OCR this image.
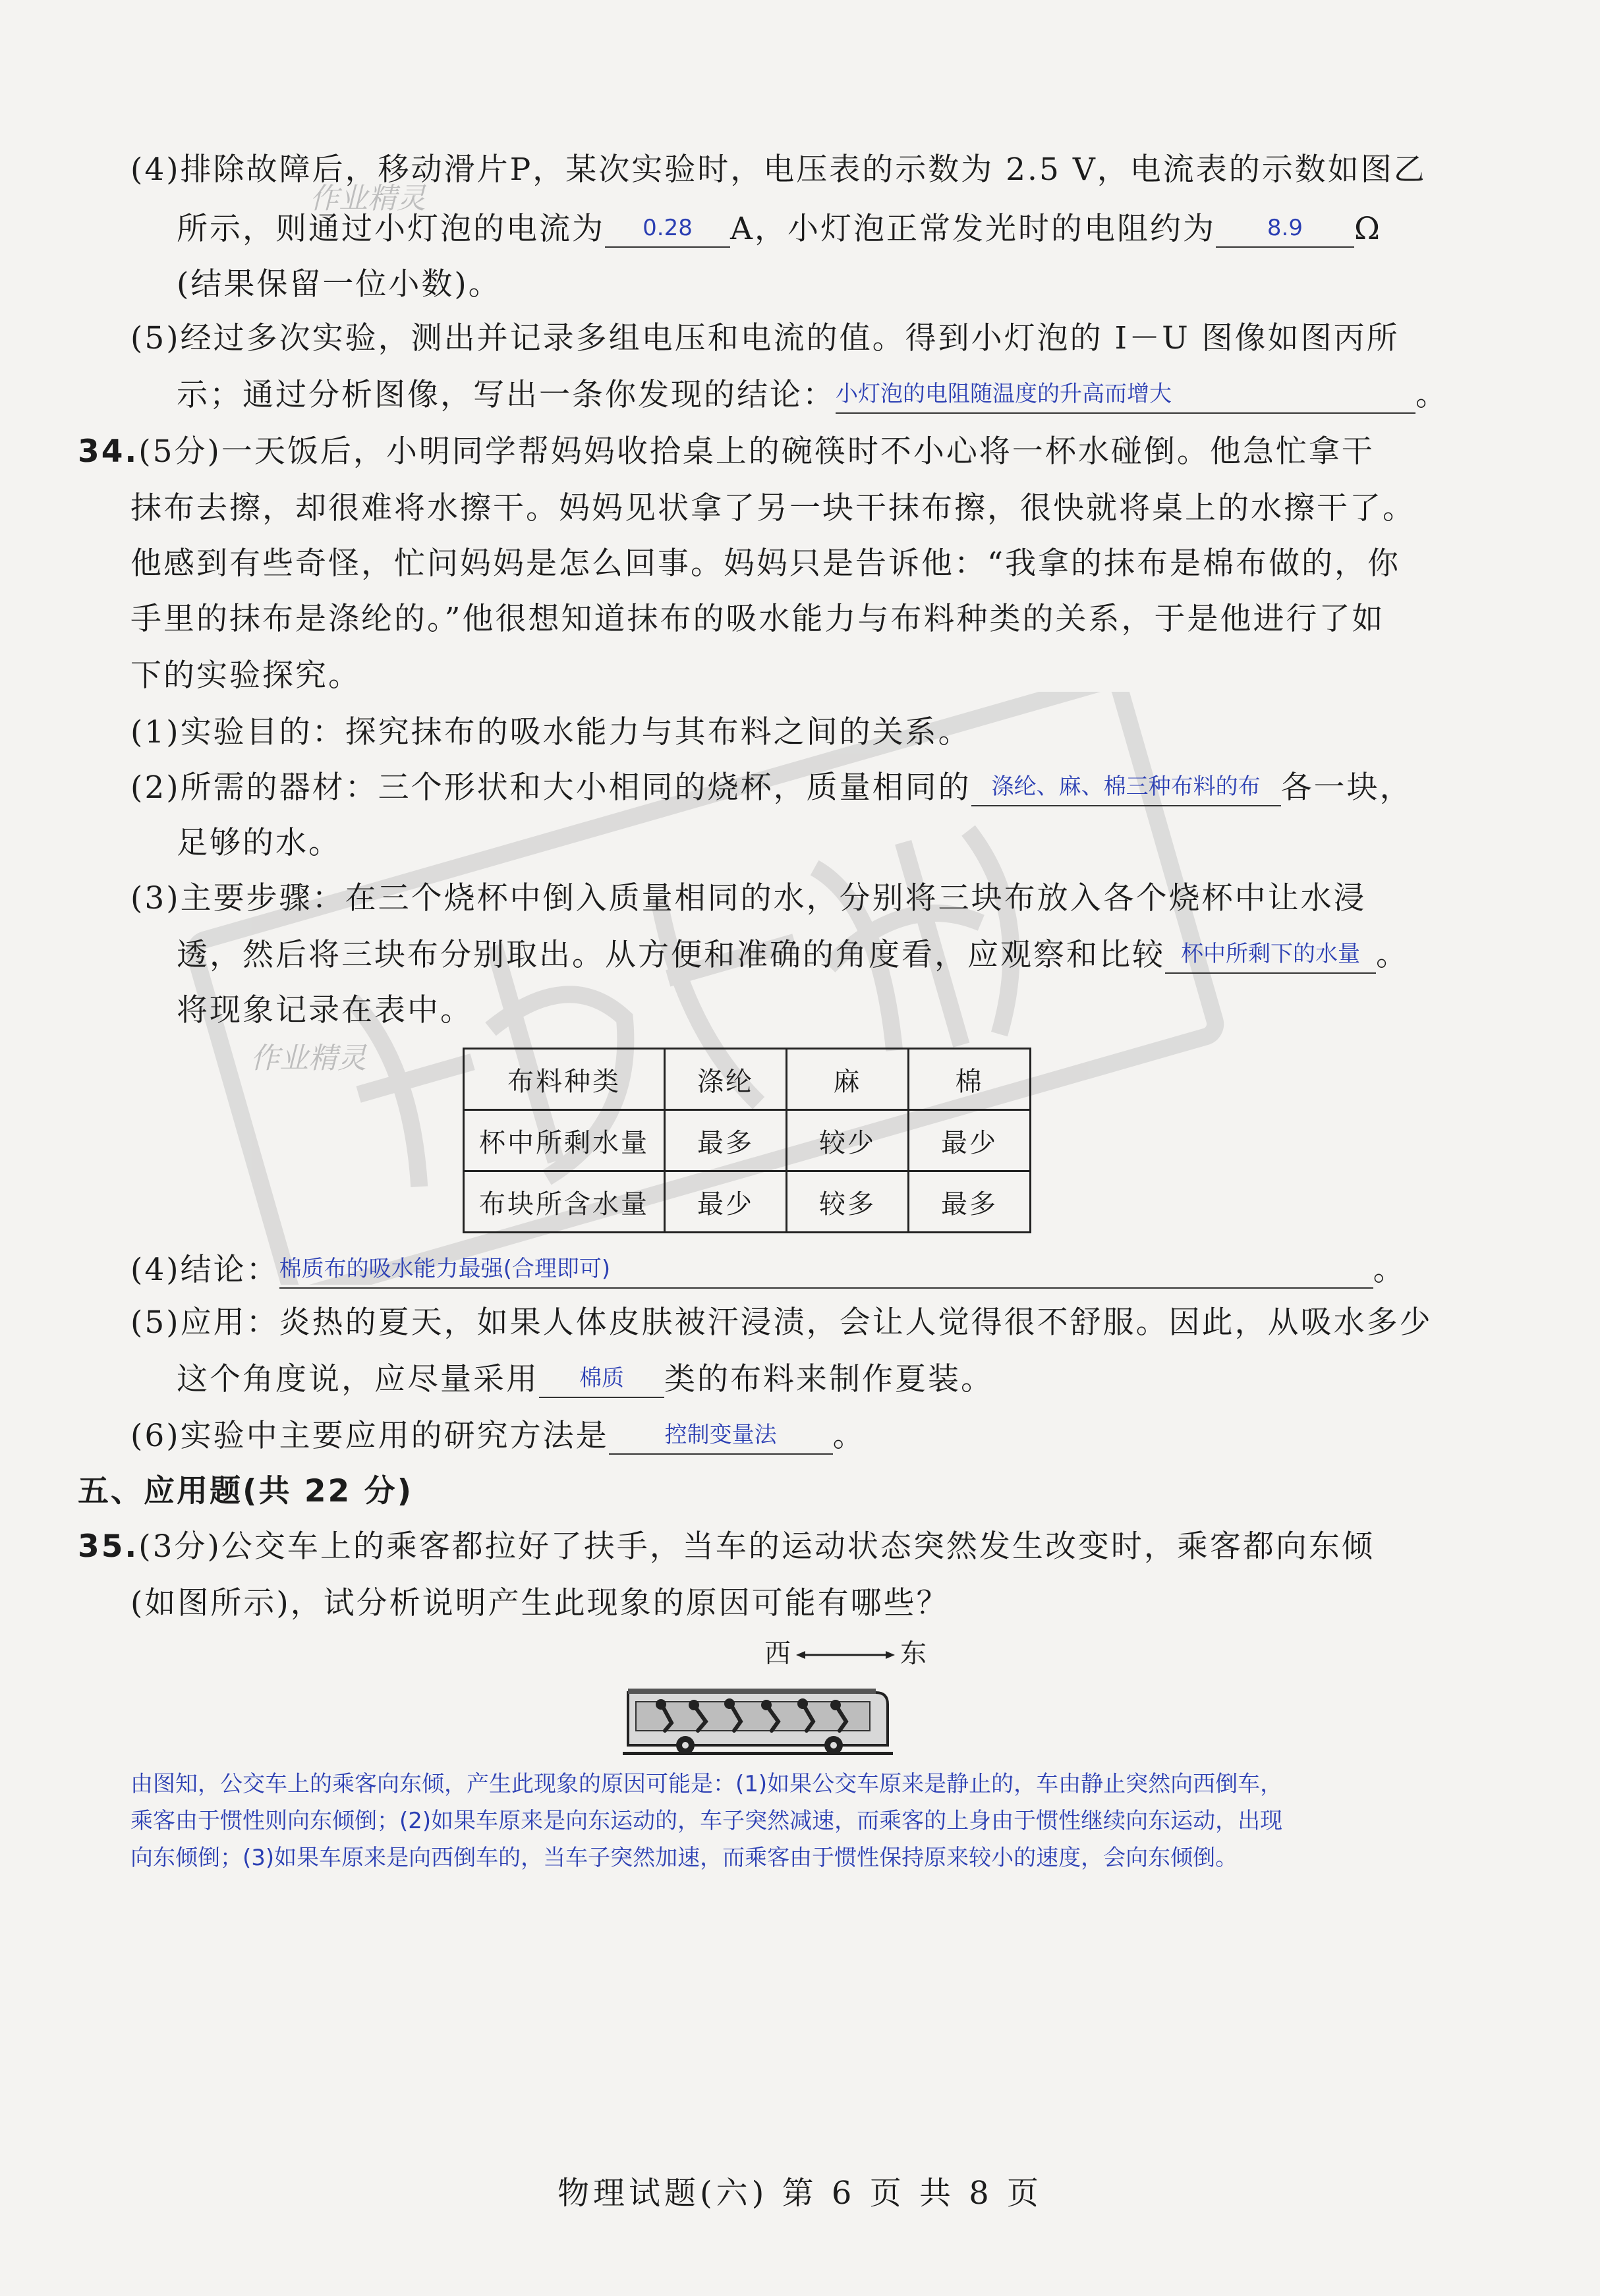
作业精灵
作业精灵
(4)排除故障后，移动滑片P，某次实验时，电压表的示数为 2.5 V，电流表的示数如图乙
所示，则通过小灯泡的电流为 0.28 A，小灯泡正常发光时的电阻约为 8.9 Ω
(结果保留一位小数)。
(5)经过多次实验，测出并记录多组电压和电流的值。得到小灯泡的 I－U 图像如图丙所
示；通过分析图像，写出一条你发现的结论：小灯泡的电阻随温度的升高而增大	。
34.(5分)一天饭后，小明同学帮妈妈收拾桌上的碗筷时不小心将一杯水碰倒。他急忙拿干
抹布去擦，却很难将水擦干。妈妈见状拿了另一块干抹布擦，很快就将桌上的水擦干了。
他感到有些奇怪，忙问妈妈是怎么回事。妈妈只是告诉他：“我拿的抹布是棉布做的，你
手里的抹布是涤纶的。”他很想知道抹布的吸水能力与布料种类的关系，于是他进行了如
下的实验探究。
(1)实验目的：探究抹布的吸水能力与其布料之间的关系。
(2)所需的器材：三个形状和大小相同的烧杯，质量相同的 涤纶、麻、棉三种布料的布 各一块，
足够的水。
(3)主要步骤：在三个烧杯中倒入质量相同的水，分别将三块布放入各个烧杯中让水浸
透，然后将三块布分别取出。从方便和准确的角度看，应观察和比较 杯中所剩下的水量 。
将现象记录在表中。
布料种类	涤纶	麻	棉
杯中所剩水量	最多	较少	最少
布块所含水量	最少	较多	最多
(4)结论：棉质布的吸水能力最强(合理即可)	。
(5)应用：炎热的夏天，如果人体皮肤被汗浸渍，会让人觉得很不舒服。因此，从吸水多少
这个角度说，应尽量采用 棉质 类的布料来制作夏装。
(6)实验中主要应用的研究方法是	控制变量法 。
五、应用题(共 22 分)
35.(3分)公交车上的乘客都拉好了扶手，当车的运动状态突然发生改变时，乘客都向东倾
(如图所示)，试分析说明产生此现象的原因可能有哪些？
西	东
由图知，公交车上的乘客向东倾，产生此现象的原因可能是：(1)如果公交车原来是静止的，车由静止突然向西倒车，
乘客由于惯性则向东倾倒；(2)如果车原来是向东运动的，车子突然减速，而乘客的上身由于惯性继续向东运动，出现
向东倾倒；(3)如果车原来是向西倒车的，当车子突然加速，而乘客由于惯性保持原来较小的速度，会向东倾倒。
物理试题(六) 第 6 页 共 8 页
